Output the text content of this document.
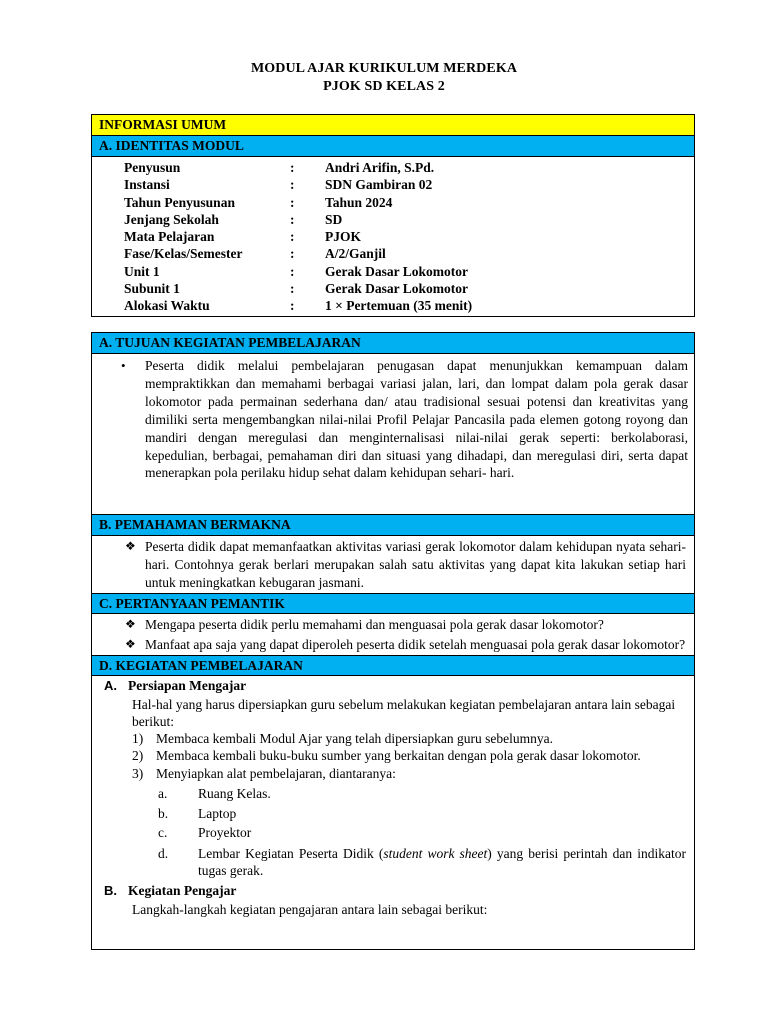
MODUL AJAR KURIKULUM MERDEKA
PJOK SD KELAS 2
INFORMASI UMUM
A. IDENTITAS MODUL
Penyusun	: Andri Arifin, S.Pd.
Instansi	: SDN Gambiran 02
Tahun Penyusunan	: Tahun 2024
Jenjang Sekolah	: SD
Mata Pelajaran	: PJOK
Fase/Kelas/Semester	: A/2/Ganjil
Unit 1	: Gerak Dasar Lokomotor
Subunit 1	: Gerak Dasar Lokomotor
Alokasi Waktu	: 1 × Pertemuan (35 menit)
A. TUJUAN KEGIATAN PEMBELAJARAN
• Peserta didik melalui pembelajaran penugasan dapat menunjukkan kemampuan dalam mempraktikkan dan memahami berbagai variasi jalan, lari, dan lompat dalam pola gerak dasar lokomotor pada permainan sederhana dan/ atau tradisional sesuai potensi dan kreativitas yang dimiliki serta mengembangkan nilai-nilai Profil Pelajar Pancasila pada elemen gotong royong dan mandiri dengan meregulasi dan menginternalisasi nilai-nilai gerak seperti: berkolaborasi, kepedulian, berbagai, pemahaman diri dan situasi yang dihadapi, dan meregulasi diri, serta dapat menerapkan pola perilaku hidup sehat dalam kehidupan sehari- hari.
B. PEMAHAMAN BERMAKNA
❖ Peserta didik dapat memanfaatkan aktivitas variasi gerak lokomotor dalam kehidupan nyata sehari-hari. Contohnya gerak berlari merupakan salah satu aktivitas yang dapat kita lakukan setiap hari untuk meningkatkan kebugaran jasmani.
C. PERTANYAAN PEMANTIK
❖ Mengapa peserta didik perlu memahami dan menguasai pola gerak dasar lokomotor?
❖ Manfaat apa saja yang dapat diperoleh peserta didik setelah menguasai pola gerak dasar lokomotor?
D. KEGIATAN PEMBELAJARAN
A. Persiapan Mengajar
Hal-hal yang harus dipersiapkan guru sebelum melakukan kegiatan pembelajaran antara lain sebagai berikut:
1) Membaca kembali Modul Ajar yang telah dipersiapkan guru sebelumnya.
2) Membaca kembali buku-buku sumber yang berkaitan dengan pola gerak dasar lokomotor.
3) Menyiapkan alat pembelajaran, diantaranya:
a. Ruang Kelas.
b. Laptop
c. Proyektor
d. Lembar Kegiatan Peserta Didik (student work sheet) yang berisi perintah dan indikator tugas gerak.
B. Kegiatan Pengajar
Langkah-langkah kegiatan pengajaran antara lain sebagai berikut:
